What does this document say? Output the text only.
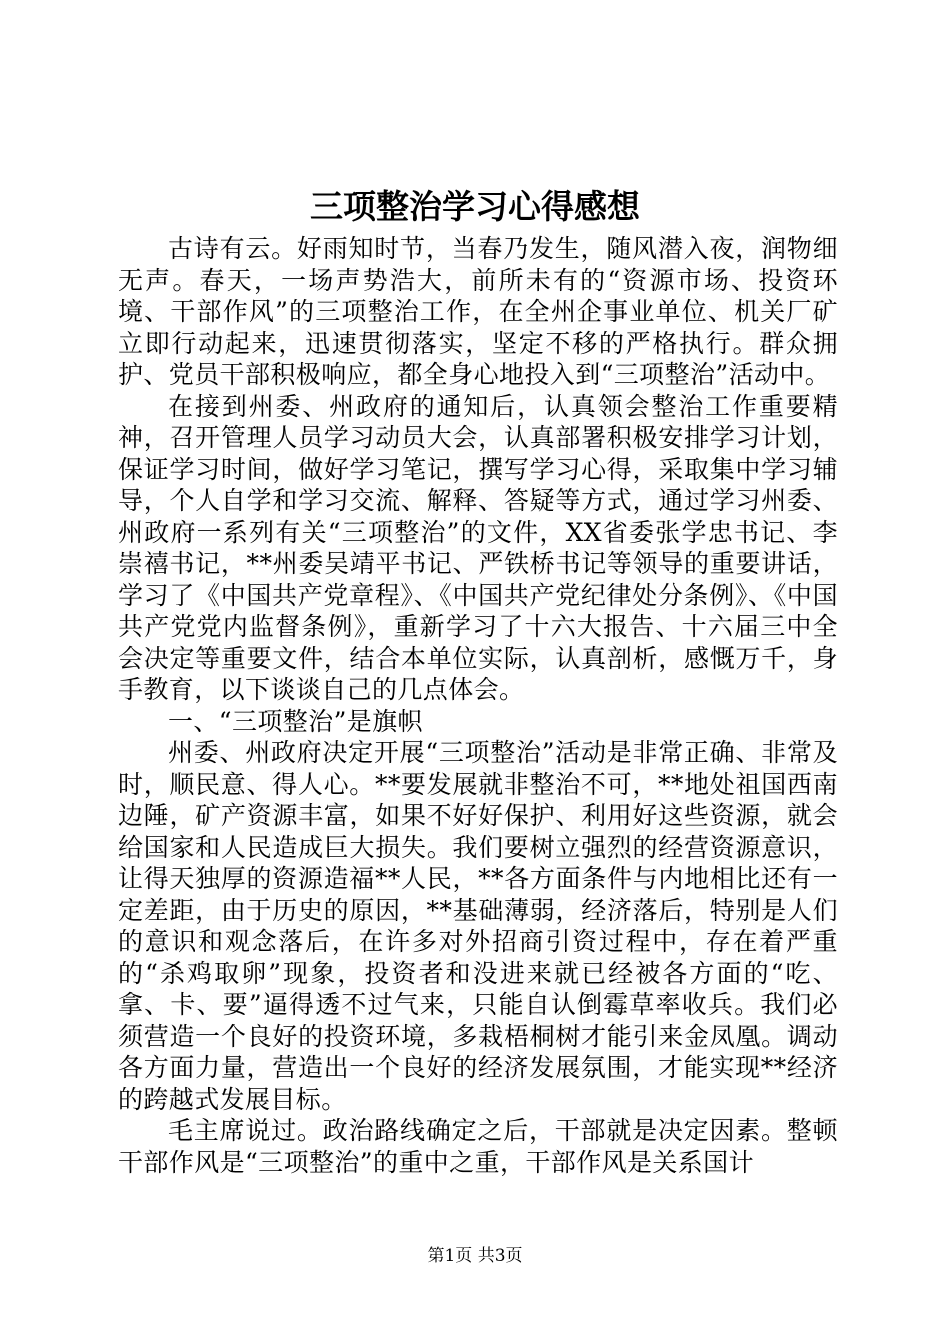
三项整治学习心得感想

古诗有云。好雨知时节，当春乃发生，随风潜入夜，润物细无声。春天，一场声势浩大，前所未有的“资源市场、投资环境、干部作风”的三项整治工作，在全州企事业单位、机关厂矿立即行动起来，迅速贯彻落实，坚定不移的严格执行。群众拥护、党员干部积极响应，都全身心地投入到“三项整治”活动中。

在接到州委、州政府的通知后，认真领会整治工作重要精神，召开管理人员学习动员大会，认真部署积极安排学习计划，保证学习时间，做好学习笔记，撰写学习心得，采取集中学习辅导，个人自学和学习交流、解释、答疑等方式，通过学习州委、州政府一系列有关“三项整治”的文件，XX省委张学忠书记、李崇禧书记，**州委吴靖平书记、严铁桥书记等领导的重要讲话，学习了《中国共产党章程》、《中国共产党纪律处分条例》、《中国共产党党内监督条例》，重新学习了十六大报告、十六届三中全会决定等重要文件，结合本单位实际，认真剖析，感慨万千，身手教育，以下谈谈自己的几点体会。

一、“三项整治”是旗帜

州委、州政府决定开展“三项整治”活动是非常正确、非常及时，顺民意、得人心。**要发展就非整治不可，**地处祖国西南边陲，矿产资源丰富，如果不好好保护、利用好这些资源，就会给国家和人民造成巨大损失。我们要树立强烈的经营资源意识，让得天独厚的资源造福**人民，**各方面条件与内地相比还有一定差距，由于历史的原因，**基础薄弱，经济落后，特别是人们的意识和观念落后，在许多对外招商引资过程中，存在着严重的“杀鸡取卵”现象，投资者和没进来就已经被各方面的“吃、拿、卡、要”逼得透不过气来，只能自认倒霉草率收兵。我们必须营造一个良好的投资环境，多栽梧桐树才能引来金凤凰。调动各方面力量，营造出一个良好的经济发展氛围，才能实现**经济的跨越式发展目标。

毛主席说过。政治路线确定之后，干部就是决定因素。整顿干部作风是“三项整治”的重中之重，干部作风是关系国计

第1页 共3页
